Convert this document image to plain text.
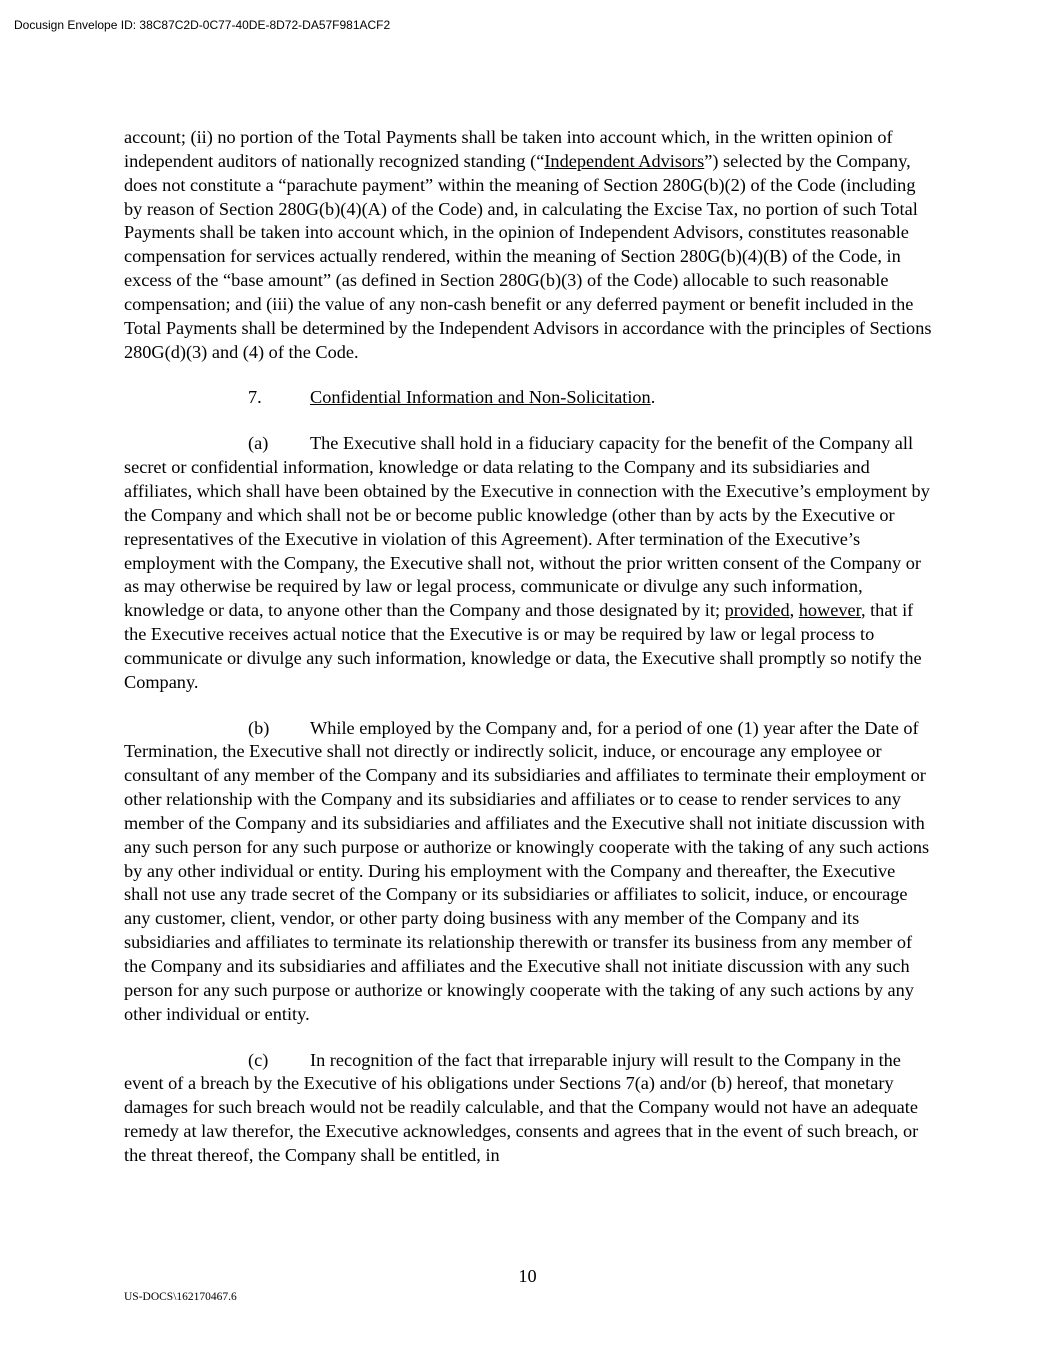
Docusign Envelope ID: 38C87C2D-0C77-40DE-8D72-DA57F981ACF2

account; (ii) no portion of the Total Payments shall be taken into account which, in the written opinion of independent auditors of nationally recognized standing (“Independent Advisors”) selected by the Company, does not constitute a “parachute payment” within the meaning of Section 280G(b)(2) of the Code (including by reason of Section 280G(b)(4)(A) of the Code) and, in calculating the Excise Tax, no portion of such Total Payments shall be taken into account which, in the opinion of Independent Advisors, constitutes reasonable compensation for services actually rendered, within the meaning of Section 280G(b)(4)(B) of the Code, in excess of the “base amount” (as defined in Section 280G(b)(3) of the Code) allocable to such reasonable compensation; and (iii) the value of any non-cash benefit or any deferred payment or benefit included in the Total Payments shall be determined by the Independent Advisors in accordance with the principles of Sections 280G(d)(3) and (4) of the Code.

7.	Confidential Information and Non-Solicitation.

(a) The Executive shall hold in a fiduciary capacity for the benefit of the Company all secret or confidential information, knowledge or data relating to the Company and its subsidiaries and affiliates, which shall have been obtained by the Executive in connection with the Executive’s employment by the Company and which shall not be or become public knowledge (other than by acts by the Executive or representatives of the Executive in violation of this Agreement). After termination of the Executive’s employment with the Company, the Executive shall not, without the prior written consent of the Company or as may otherwise be required by law or legal process, communicate or divulge any such information, knowledge or data, to anyone other than the Company and those designated by it; provided, however, that if the Executive receives actual notice that the Executive is or may be required by law or legal process to communicate or divulge any such information, knowledge or data, the Executive shall promptly so notify the Company.

(b) While employed by the Company and, for a period of one (1) year after the Date of Termination, the Executive shall not directly or indirectly solicit, induce, or encourage any employee or consultant of any member of the Company and its subsidiaries and affiliates to terminate their employment or other relationship with the Company and its subsidiaries and affiliates or to cease to render services to any member of the Company and its subsidiaries and affiliates and the Executive shall not initiate discussion with any such person for any such purpose or authorize or knowingly cooperate with the taking of any such actions by any other individual or entity. During his employment with the Company and thereafter, the Executive shall not use any trade secret of the Company or its subsidiaries or affiliates to solicit, induce, or encourage any customer, client, vendor, or other party doing business with any member of the Company and its subsidiaries and affiliates to terminate its relationship therewith or transfer its business from any member of the Company and its subsidiaries and affiliates and the Executive shall not initiate discussion with any such person for any such purpose or authorize or knowingly cooperate with the taking of any such actions by any other individual or entity.

(c) In recognition of the fact that irreparable injury will result to the Company in the event of a breach by the Executive of his obligations under Sections 7(a) and/or (b) hereof, that monetary damages for such breach would not be readily calculable, and that the Company would not have an adequate remedy at law therefor, the Executive acknowledges, consents and agrees that in the event of such breach, or the threat thereof, the Company shall be entitled, in

10
US-DOCS\162170467.6
